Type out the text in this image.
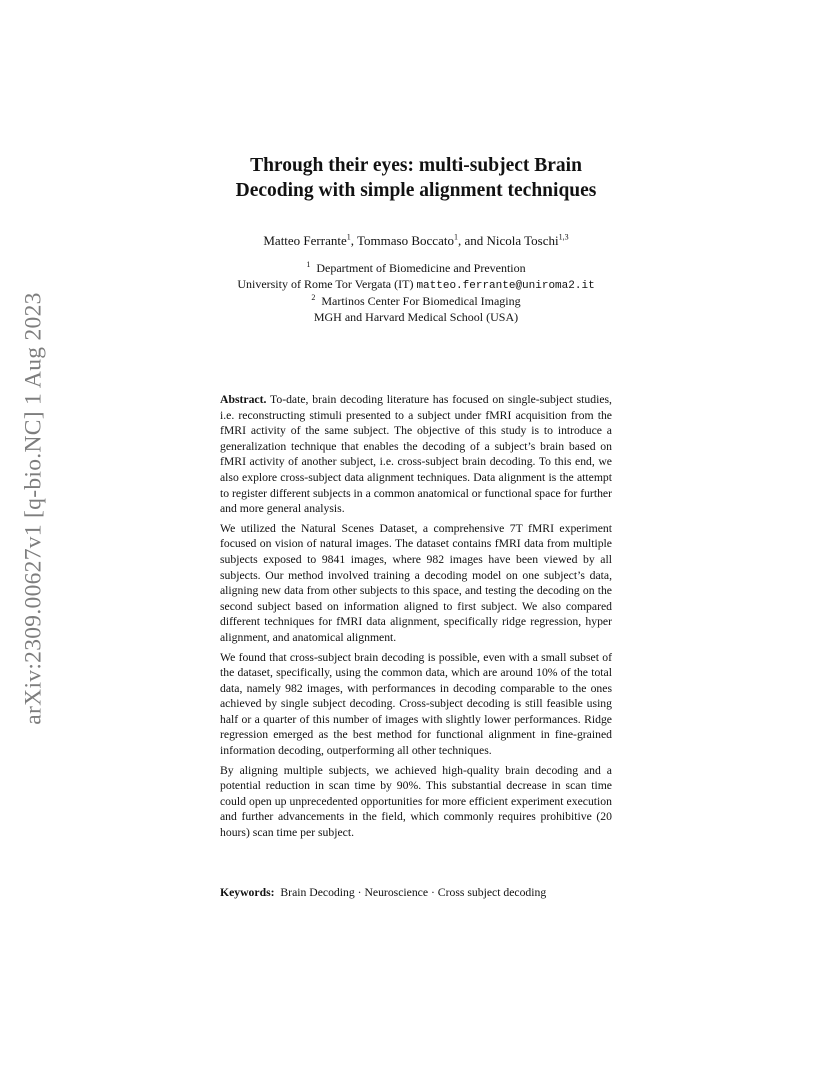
arXiv:2309.00627v1 [q-bio.NC] 1 Aug 2023
Through their eyes: multi-subject Brain
Decoding with simple alignment techniques
Matteo Ferrante$^1$, Tommaso Boccato$^1$, and Nicola Toschi$^{1,3}$
$^1$ Department of Biomedicine and Prevention
University of Rome Tor Vergata (IT) matteo.ferrante@uniroma2.it
$^2$ Martinos Center For Biomedical Imaging
MGH and Harvard Medical School (USA)

Abstract. To-date, brain decoding literature has focused on single-subject studies, i.e. reconstructing stimuli presented to a subject under fMRI acquisition from the fMRI activity of the same subject. The objective of this study is to introduce a generalization technique that enables the decoding of a subject’s brain based on fMRI activity of another subject, i.e. cross-subject brain decoding. To this end, we also explore cross-subject data alignment techniques. Data alignment is the attempt to register different subjects in a common anatomical or functional space for further and more general analysis.

We utilized the Natural Scenes Dataset, a comprehensive 7T fMRI experiment focused on vision of natural images. The dataset contains fMRI data from multiple subjects exposed to 9841 images, where 982 images have been viewed by all subjects. Our method involved training a decoding model on one subject’s data, aligning new data from other subjects to this space, and testing the decoding on the second subject based on information aligned to first subject. We also compared different techniques for fMRI data alignment, specifically ridge regression, hyper alignment, and anatomical alignment.

We found that cross-subject brain decoding is possible, even with a small subset of the dataset, specifically, using the common data, which are around 10% of the total data, namely 982 images, with performances in decoding comparable to the ones achieved by single subject decoding. Cross-subject decoding is still feasible using half or a quarter of this number of images with slightly lower performances. Ridge regression emerged as the best method for functional alignment in fine-grained information decoding, outperforming all other techniques.

By aligning multiple subjects, we achieved high-quality brain decoding and a potential reduction in scan time by 90%. This substantial decrease in scan time could open up unprecedented opportunities for more efficient experiment execution and further advancements in the field, which commonly requires prohibitive (20 hours) scan time per subject.

Keywords: Brain Decoding · Neuroscience · Cross subject decoding
